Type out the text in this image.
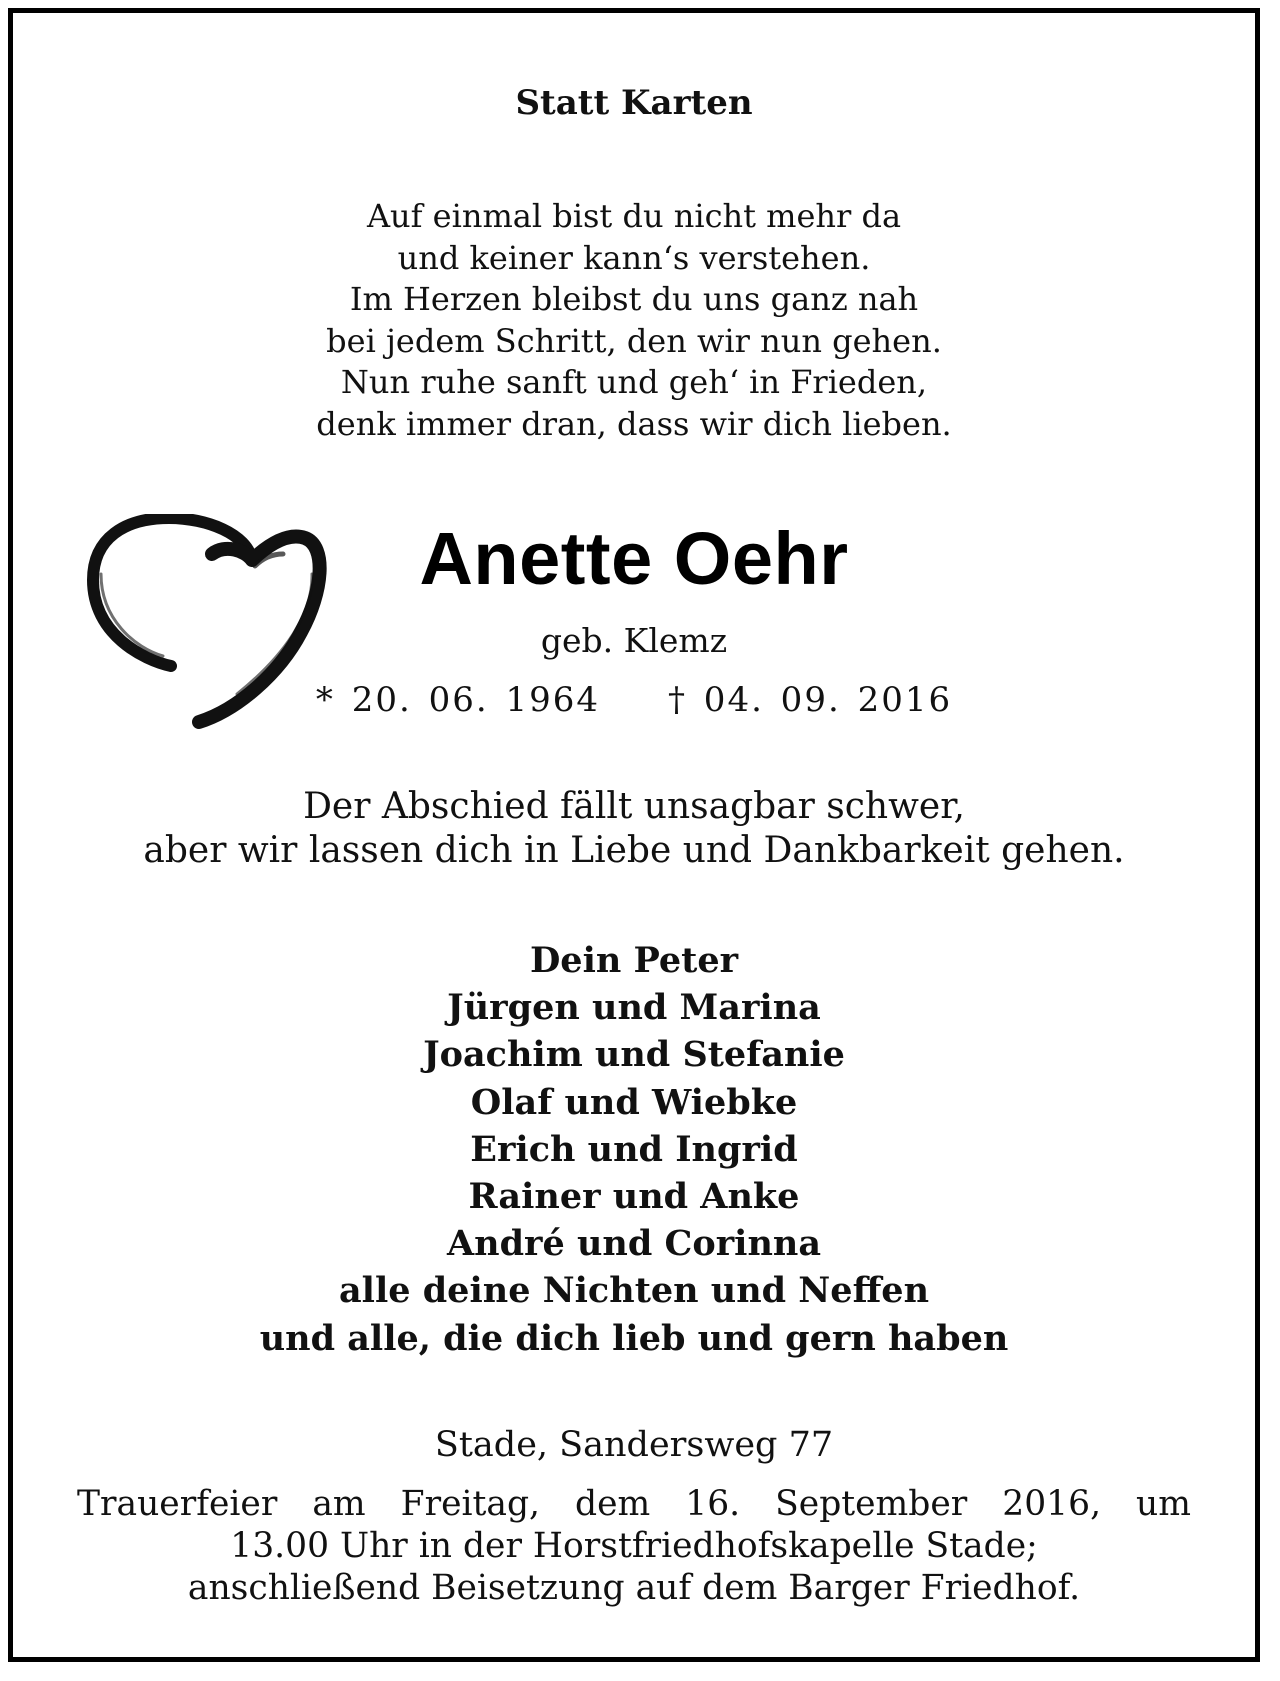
Statt Karten
Auf einmal bist du nicht mehr da
und keiner kann‘s verstehen.
Im Herzen bleibst du uns ganz nah
bei jedem Schritt, den wir nun gehen.
Nun ruhe sanft und geh‘ in Frieden,
denk immer dran, dass wir dich lieben.
Anette Oehr
geb. Klemz
* 20. 06. 1964 † 04. 09. 2016
Der Abschied fällt unsagbar schwer,
aber wir lassen dich in Liebe und Dankbarkeit gehen.
Dein Peter
Jürgen und Marina
Joachim und Stefanie
Olaf und Wiebke
Erich und Ingrid
Rainer und Anke
André und Corinna
alle deine Nichten und Neffen
und alle, die dich lieb und gern haben
Stade, Sandersweg 77
Trauerfeier am Freitag, dem 16. September 2016, um
13.00 Uhr in der Horstfriedhofskapelle Stade;
anschließend Beisetzung auf dem Barger Friedhof.
